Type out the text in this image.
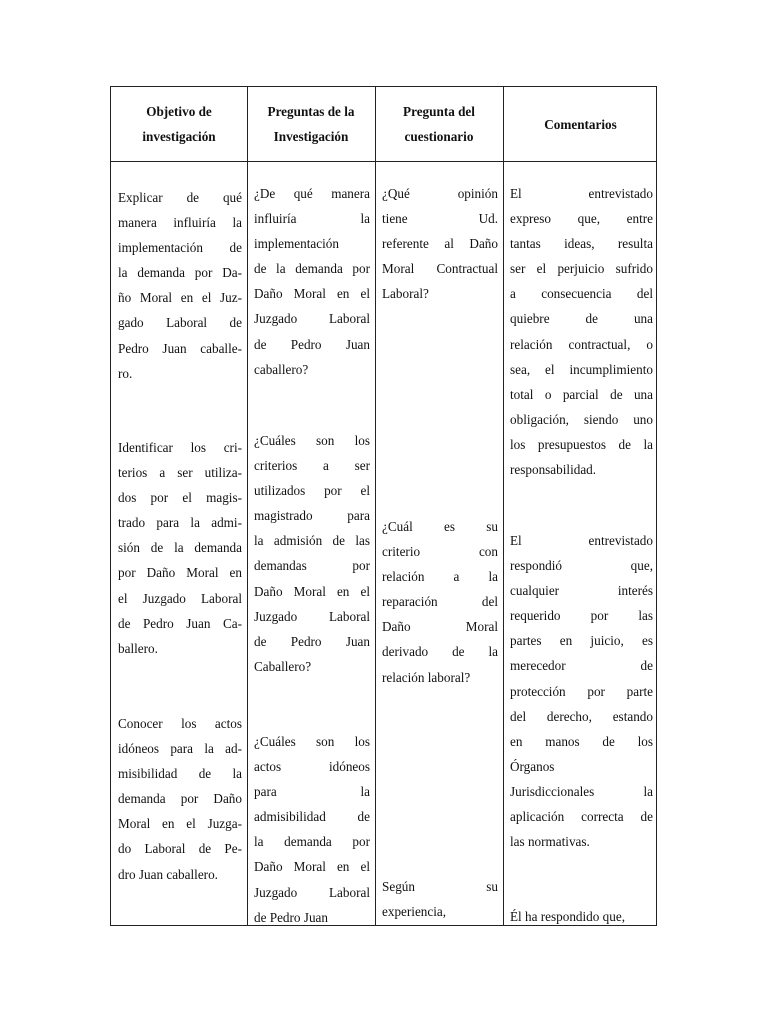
Objetivo de
investigación
Preguntas de la
Investigación
Pregunta del
cuestionario
Comentarios
Explicar de qué
manera influiría la
implementación de
la demanda por Da-
ño Moral en el Juz-
gado Laboral de
Pedro Juan caballe-
ro.
Identificar los cri-
terios a ser utiliza-
dos por el magis-
trado para la admi-
sión de la demanda
por Daño Moral en
el Juzgado Laboral
de Pedro Juan Ca-
ballero.
Conocer los actos
idóneos para la ad-
misibilidad de la
demanda por Daño
Moral en el Juzga-
do Laboral de Pe-
dro Juan caballero.
¿De qué manera
influiría la
implementación
de la demanda por
Daño Moral en el
Juzgado Laboral
de Pedro Juan
caballero?
¿Cuáles son los
criterios a ser
utilizados por el
magistrado para
la admisión de las
demandas por
Daño Moral en el
Juzgado Laboral
de Pedro Juan
Caballero?
¿Cuáles son los
actos idóneos
para la
admisibilidad de
la demanda por
Daño Moral en el
Juzgado Laboral
de Pedro Juan
¿Qué opinión
tiene Ud.
referente al Daño
Moral Contractual
Laboral?
¿Cuál es su
criterio con
relación a la
reparación del
Daño Moral
derivado de la
relación laboral?
Según su
experiencia,
El entrevistado
expreso que, entre
tantas ideas, resulta
ser el perjuicio sufrido
a consecuencia del
quiebre de una
relación contractual, o
sea, el incumplimiento
total o parcial de una
obligación, siendo uno
los presupuestos de la
responsabilidad.
El entrevistado
respondió que,
cualquier interés
requerido por las
partes en juicio, es
merecedor de
protección por parte
del derecho, estando
en manos de los
Órganos
Jurisdiccionales la
aplicación correcta de
las normativas.
Él ha respondido que,
